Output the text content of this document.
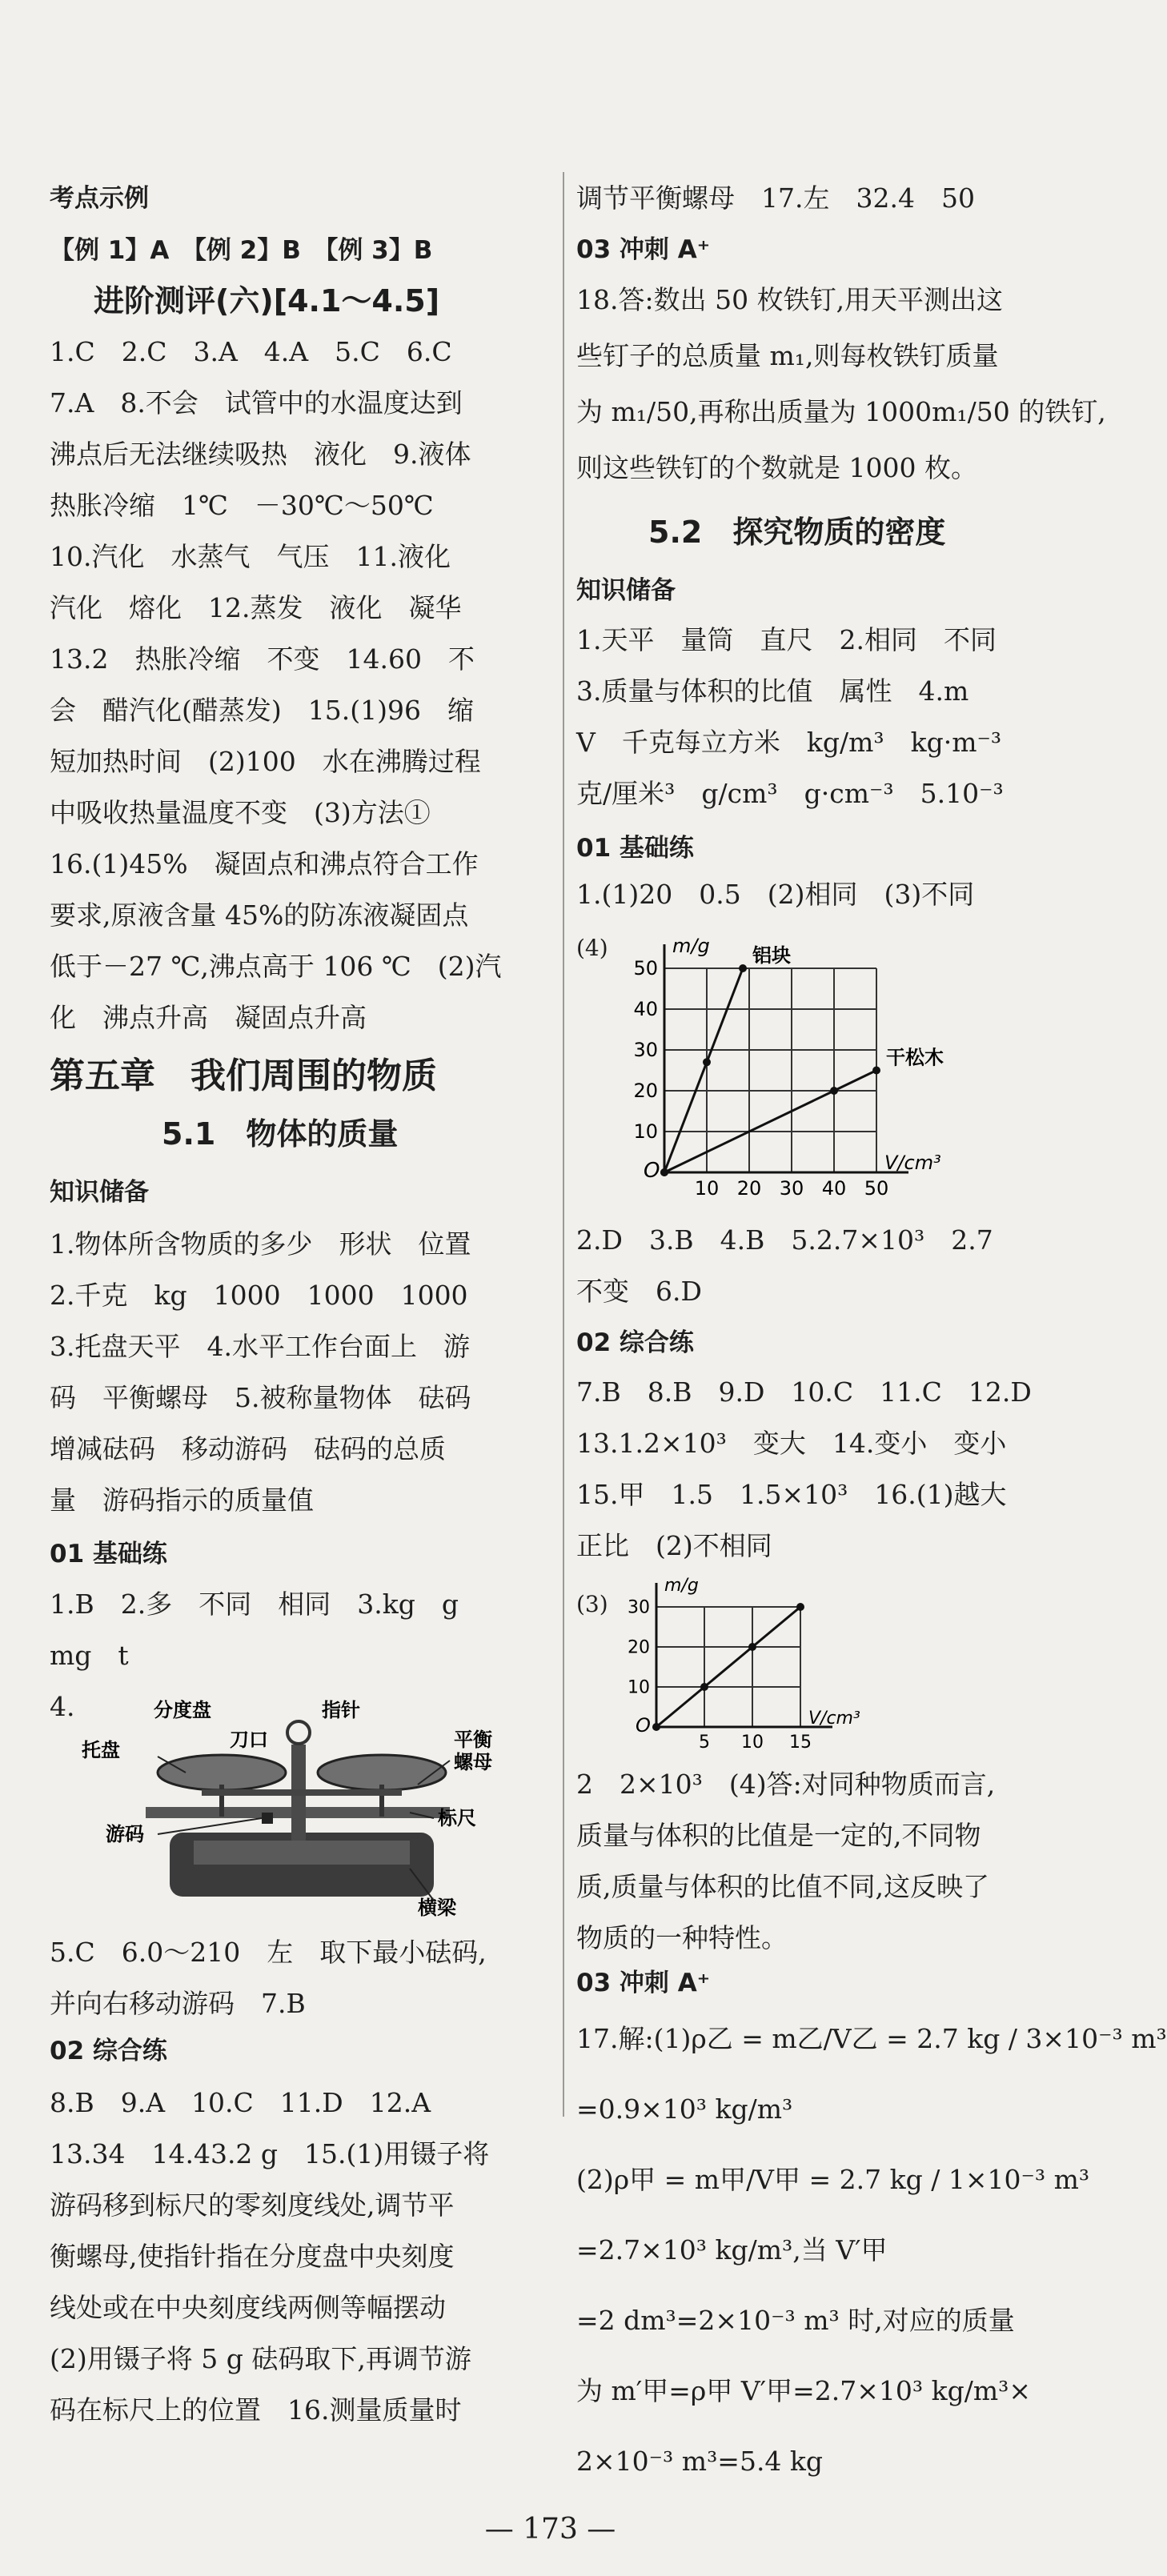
考点示例
【例 1】A　【例 2】B　【例 3】B
进阶测评(六)[4.1～4.5]
1.C　2.C　3.A　4.A　5.C　6.C
7.A　8.不会　试管中的水温度达到
沸点后无法继续吸热　液化　9.液体
热胀冷缩　1℃　－30℃～50℃
10.汽化　水蒸气　气压　11.液化
汽化　熔化　12.蒸发　液化　凝华
13.2　热胀冷缩　不变　14.60　不
会　醋汽化(醋蒸发)　15.(1)96　缩
短加热时间　(2)100　水在沸腾过程
中吸收热量温度不变　(3)方法①
16.(1)45%　凝固点和沸点符合工作
要求,原液含量 45%的防冻液凝固点
低于－27 ℃,沸点高于 106 ℃　(2)汽
化　沸点升高　凝固点升高
第五章　我们周围的物质
5.1　物体的质量
知识储备
1.物体所含物质的多少　形状　位置
2.千克　kg　1000　1000　1000
3.托盘天平　4.水平工作台面上　游
码　平衡螺母　5.被称量物体　砝码
增减砝码　移动游码　砝码的总质
量　游码指示的质量值
01 基础练
1.B　2.多　不同　相同　3.kg　g
mg　t
4.	分度盘	指针
刀口
托盘	平衡
螺母
游码
标尺
横梁
5.C　6.0～210　左　取下最小砝码,
并向右移动游码　7.B
02 综合练
8.B　9.A　10.C　11.D　12.A
13.34　14.43.2 g　15.(1)用镊子将
游码移到标尺的零刻度线处,调节平
衡螺母,使指针指在分度盘中央刻度
线处或在中央刻度线两侧等幅摆动
(2)用镊子将 5 g 砝码取下,再调节游
码在标尺上的位置　16.测量质量时
调节平衡螺母　17.左　32.4　50
03 冲刺 A⁺
18.答:数出 50 枚铁钉,用天平测出这
些钉子的总质量 m₁,则每枚铁钉质量
为 m₁/50,再称出质量为 1000m₁/50 的铁钉,
则这些铁钉的个数就是 1000 枚。
5.2　探究物质的密度
知识储备
1.天平　量筒　直尺　2.相同　不同
3.质量与体积的比值　属性　4.m
V　千克每立方米　kg/m³　kg·m⁻³
克/厘米³　g/cm³　g·cm⁻³　5.10⁻³
01 基础练
1.(1)20　0.5　(2)相同　(3)不同
(4)
10 20 30 40 50
10
20
30
40
50
V/cm³
m/g
O
铝块
干松木
2.D　3.B　4.B　5.2.7×10³　2.7
不变　6.D
02 综合练
7.B　8.B　9.D　10.C　11.C　12.D
13.1.2×10³　变大　14.变小　变小
15.甲　1.5　1.5×10³　16.(1)越大
正比　(2)不相同
(3)
5 10 15
10
20
30
V/cm³
m/g
O
2　2×10³　(4)答:对同种物质而言,
质量与体积的比值是一定的,不同物
质,质量与体积的比值不同,这反映了
物质的一种特性。
03 冲刺 A⁺
17.解:(1)ρ乙 = m乙/V乙 = 2.7 kg / 3×10⁻³ m³
=0.9×10³ kg/m³
(2)ρ甲 = m甲/V甲 = 2.7 kg / 1×10⁻³ m³
=2.7×10³ kg/m³,当 V′甲
=2 dm³=2×10⁻³ m³ 时,对应的质量
为 m′甲=ρ甲 V′甲=2.7×10³ kg/m³×
2×10⁻³ m³=5.4 kg
— 173 —
